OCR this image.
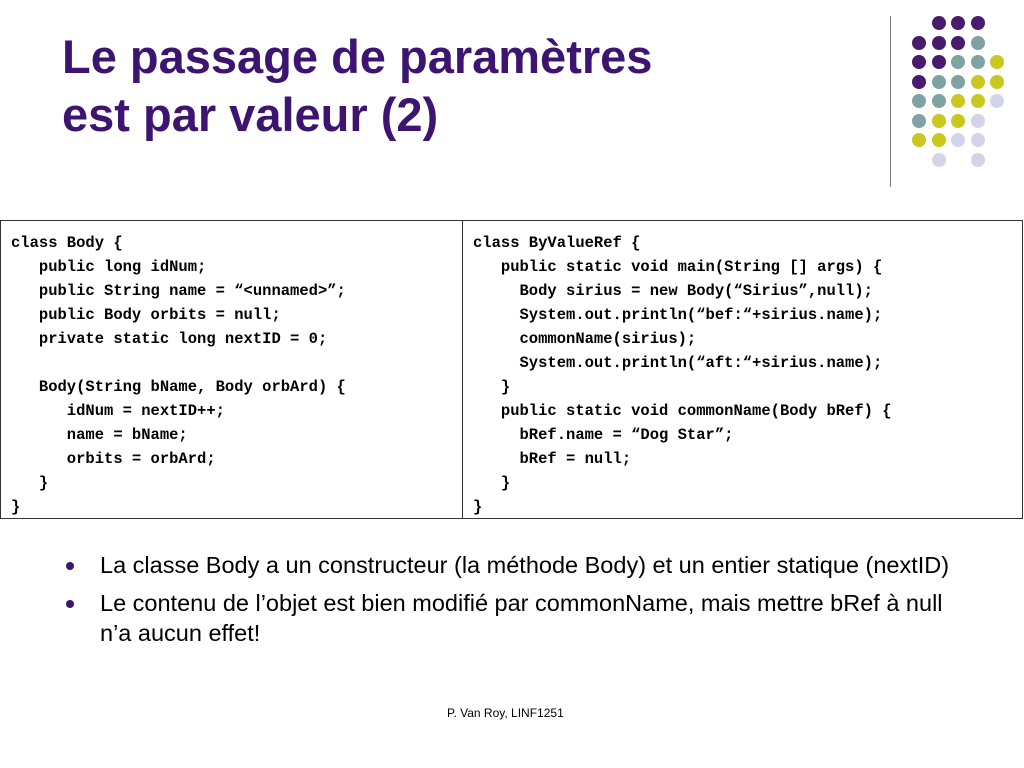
Le passage de paramètres
est par valeur (2)
class Body {
public long idNum;
public String name = “<unnamed>”;
public Body orbits = null;
private static long nextID = 0;
Body(String bName, Body orbArd) {
idNum = nextID++;
name = bName;
orbits = orbArd;
}
}
class ByValueRef {
public static void main(String [] args) {
Body sirius = new Body(“Sirius”,null);
System.out.println(“bef:“+sirius.name);
commonName(sirius);
System.out.println(“aft:“+sirius.name);
}
public static void commonName(Body bRef) {
bRef.name = “Dog Star”;
bRef = null;
}
}
La classe Body a un constructeur (la méthode Body) et un entier statique (nextID)
Le contenu de l’objet est bien modifié par commonName, mais mettre bRef à null n’a aucun effet!
P. Van Roy, LINF1251
